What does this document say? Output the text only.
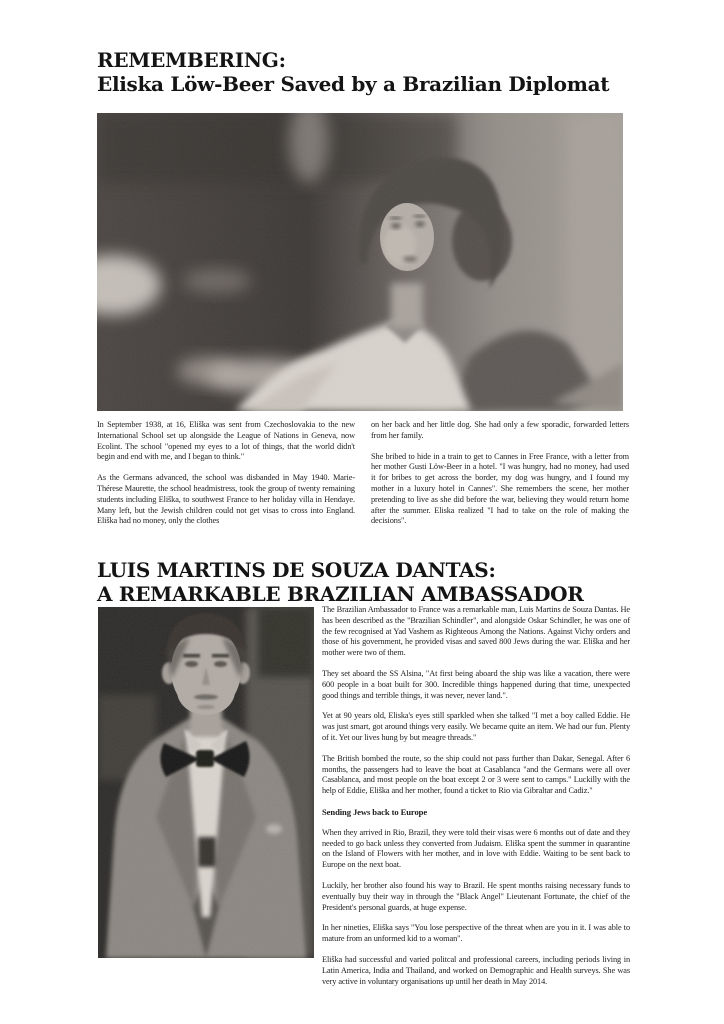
REMEMBERING:
Eliska Löw-Beer Saved by a Brazilian Diplomat

In September 1938, at 16, Eliška was sent from Czechoslovakia to the new International School set up alongside the League of Nations in Geneva, now Ecolint. The school "opened my eyes to a lot of things, that the world didn't begin and end with me, and I began to think."

As the Germans advanced, the school was disbanded in May 1940. Marie-Thérese Maurette, the school headmistress, took the group of twenty remaining students including Eliška, to southwest France to her holiday villa in Hendaye. Many left, but the Jewish children could not get visas to cross into England. Eliška had no money, only the clothes

on her back and her little dog. She had only a few sporadic, forwarded letters from her family.

She bribed to hide in a train to get to Cannes in Free France, with a letter from her mother Gusti Löw-Beer in a hotel. "I was hungry, had no money, had used it for bribes to get across the border, my dog was hungry, and I found my mother in a luxury hotel in Cannes". She remembers the scene, her mother pretending to live as she did before the war, believing they would return home after the summer. Eliska realized "I had to take on the role of making the decisions".

LUIS MARTINS DE SOUZA DANTAS:
A REMARKABLE BRAZILIAN AMBASSADOR

The Brazilian Ambassador to France was a remarkable man, Luis Martins de Souza Dantas. He has been described as the "Brazilian Schindler", and alongside Oskar Schindler, he was one of the few recognised at Yad Vashem as Righteous Among the Nations. Against Vichy orders and those of his government, he provided visas and saved 800 Jews during the war. Eliška and her mother were two of them.

They set aboard the SS Alsina, "At first being aboard the ship was like a vacation, there were 600 people in a boat built for 300. Incredible things happened during that time, unexpected good things and terrible things, it was never, never land.".

Yet at 90 years old, Eliska's eyes still sparkled when she talked "I met a boy called Eddie. He was just smart, got around things very easily. We became quite an item. We had our fun. Plenty of it. Yet our lives hung by but meagre threads."

The British bombed the route, so the ship could not pass further than Dakar, Senegal. After 6 months, the passengers had to leave the boat at Casablanca "and the Germans were all over Casablanca, and most people on the boat except 2 or 3 were sent to camps." Luckilly with the help of Eddie, Eliška and her mother, found a ticket to Rio via Gibraltar and Cadiz."

Sending Jews back to Europe

When they arrived in Rio, Brazil, they were told their visas were 6 months out of date and they needed to go back unless they converted from Judaism. Eliška spent the summer in quarantine on the Island of Flowers with her mother, and in love with Eddie. Waiting to be sent back to Europe on the next boat.

Luckily, her brother also found his way to Brazil. He spent months raising necessary funds to eventually buy their way in through the "Black Angel" Lieutenant Fortunate, the chief of the President's personal guards, at huge expense.

In her nineties, Eliška says "You lose perspective of the threat when are you in it. I was able to mature from an unformed kid to a woman".

Eliška had successful and varied politcal and professional careers, including periods living in Latin America, India and Thailand, and worked on Demographic and Health surveys. She was very active in voluntary organisations up until her death in May 2014.
